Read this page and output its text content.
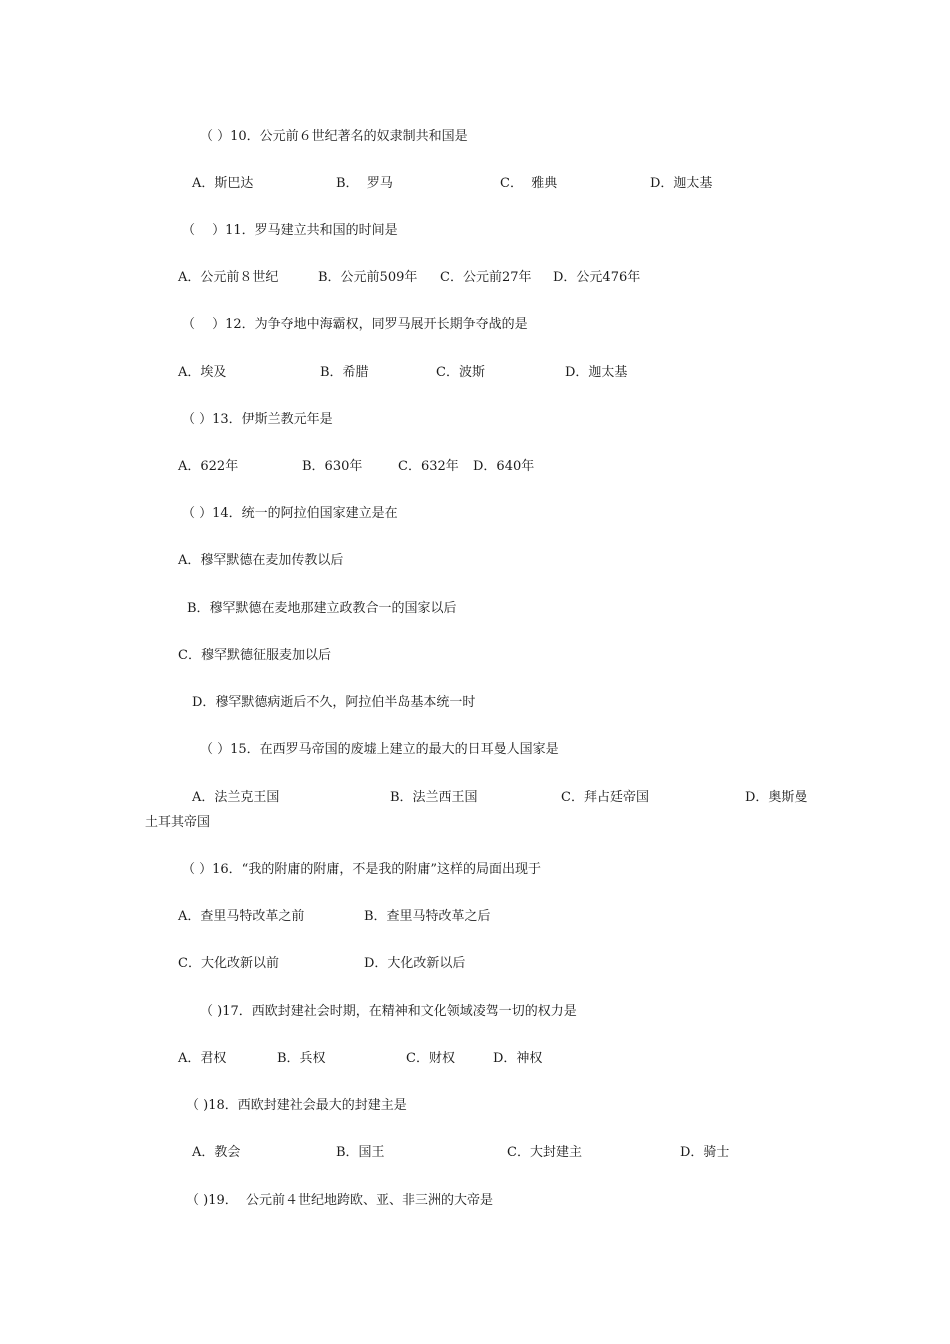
（ ）10．公元前６世纪著名的奴隶制共和国是
A．斯巴达	B．  罗马	C．  雅典	D．迦太基
（　 ）11．罗马建立共和国的时间是
A．公元前８世纪	B．公元前509年 C．公元前27年 D．公元476年
（　 ）12．为争夺地中海霸权，同罗马展开长期争夺战的是
A．埃及	B．希腊	C．波斯	D．迦太基
（ ）13．伊斯兰教元年是
A．622年	B．630年	C．632年 D．640年
（ ）14．统一的阿拉伯国家建立是在
A．穆罕默德在麦加传教以后
B．穆罕默德在麦地那建立政教合一的国家以后
C．穆罕默德征服麦加以后
D．穆罕默德病逝后不久，阿拉伯半岛基本统一时
（ ）15．在西罗马帝国的废墟上建立的最大的日耳曼人国家是
A．法兰克王国	B．法兰西王国	C．拜占廷帝国	D．奥斯曼
土耳其帝国
（ ）16．“我的附庸的附庸，不是我的附庸”这样的局面出现于
A．查里马特改革之前	B．查里马特改革之后
C．大化改新以前	D．大化改新以后
（ )17．西欧封建社会时期，在精神和文化领域凌驾一切的权力是
A．君权	B．兵权	C．财权	D．神权
（ )18．西欧封建社会最大的封建主是
A．教会	B．国王	C．大封建主	D．骑士
（ )19．  公元前４世纪地跨欧、亚、非三洲的大帝是
